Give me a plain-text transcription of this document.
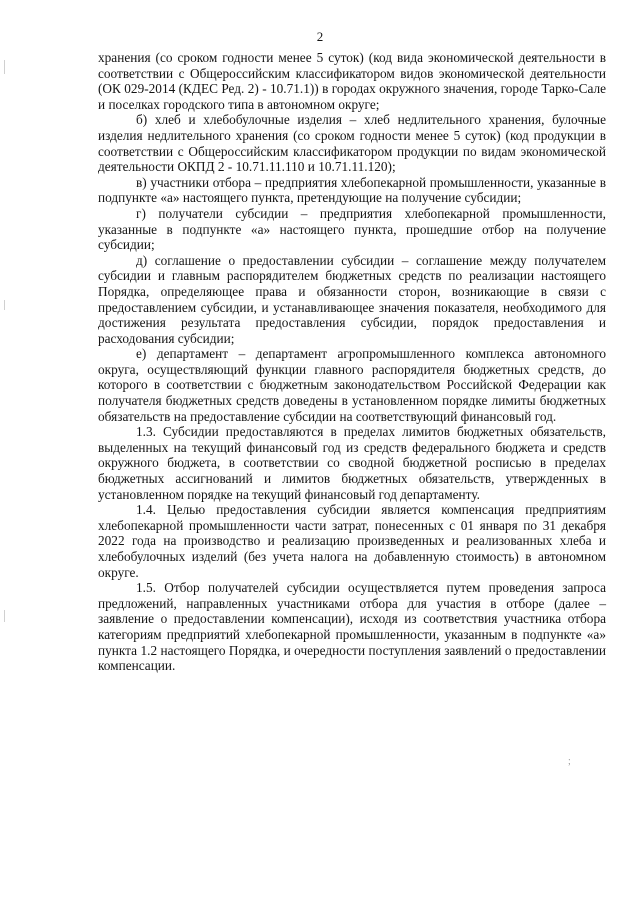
2

хранения (со сроком годности менее 5 суток) (код вида экономической деятельности в соответствии с Общероссийским классификатором видов экономической деятельности (ОК 029-2014 (КДЕС Ред. 2) - 10.71.1)) в городах окружного значения, городе Тарко-Сале и поселках городского типа в автономном округе;

б) хлеб и хлебобулочные изделия – хлеб недлительного хранения, булочные изделия недлительного хранения (со сроком годности менее 5 суток) (код продукции в соответствии с Общероссийским классификатором продукции по видам экономической деятельности ОКПД 2 - 10.71.11.110 и 10.71.11.120);

в) участники отбора – предприятия хлебопекарной промышленности, указанные в подпункте «а» настоящего пункта, претендующие на получение субсидии;

г) получатели субсидии – предприятия хлебопекарной промышленности, указанные в подпункте «а» настоящего пункта, прошедшие отбор на получение субсидии;

д) соглашение о предоставлении субсидии – соглашение между получателем субсидии и главным распорядителем бюджетных средств по реализации настоящего Порядка, определяющее права и обязанности сторон, возникающие в связи с предоставлением субсидии, и устанавливающее значения показателя, необходимого для достижения результата предоставления субсидии, порядок предоставления и расходования субсидии;

е) департамент – департамент агропромышленного комплекса автономного округа, осуществляющий функции главного распорядителя бюджетных средств, до которого в соответствии с бюджетным законодательством Российской Федерации как получателя бюджетных средств доведены в установленном порядке лимиты бюджетных обязательств на предоставление субсидии на соответствующий финансовый год.

1.3. Субсидии предоставляются в пределах лимитов бюджетных обязательств, выделенных на текущий финансовый год из средств федерального бюджета и средств окружного бюджета, в соответствии со сводной бюджетной росписью в пределах бюджетных ассигнований и лимитов бюджетных обязательств, утвержденных в установленном порядке на текущий финансовый год департаменту.

1.4. Целью предоставления субсидии является компенсация предприятиям хлебопекарной промышленности части затрат, понесенных с 01 января по 31 декабря 2022 года на производство и реализацию произведенных и реализованных хлеба и хлебобулочных изделий (без учета налога на добавленную стоимость) в автономном округе.

1.5. Отбор получателей субсидии осуществляется путем проведения запроса предложений, направленных участниками отбора для участия в отборе (далее – заявление о предоставлении компенсации), исходя из соответствия участника отбора категориям предприятий хлебопекарной промышленности, указанным в подпункте «а» пункта 1.2 настоящего Порядка, и очередности поступления заявлений о предоставлении компенсации.

;
